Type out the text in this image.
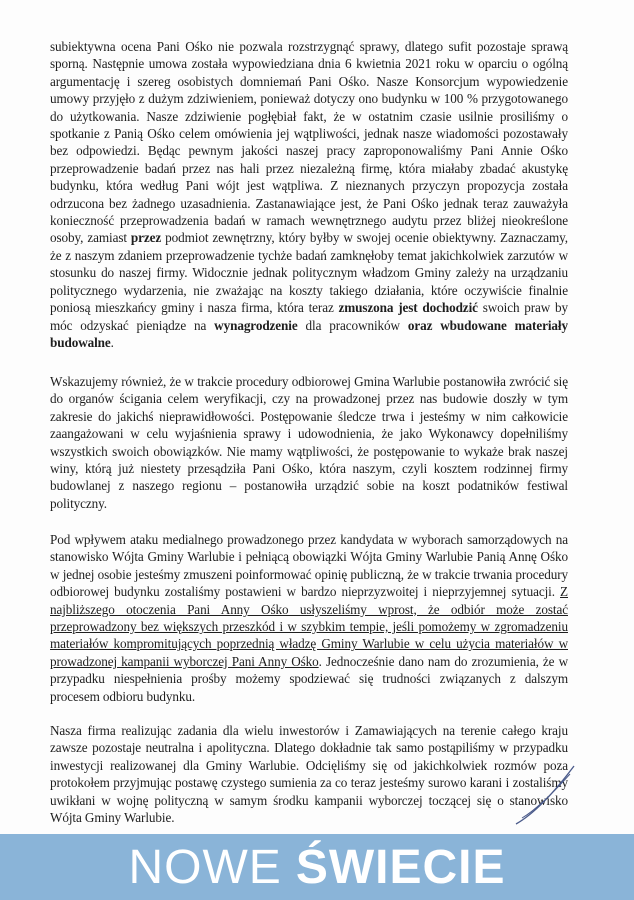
subiektywna ocena Pani Ośko nie pozwala rozstrzygnąć sprawy, dlatego sufit pozostaje sprawą sporną. Następnie umowa została wypowiedziana dnia 6 kwietnia 2021 roku w oparciu o ogólną argumentację i szereg osobistych domniemań Pani Ośko. Nasze Konsorcjum wypowiedzenie umowy przyjęło z dużym zdziwieniem, ponieważ dotyczy ono budynku w 100 % przygotowanego do użytkowania. Nasze zdziwienie pogłębiał fakt, że w ostatnim czasie usilnie prosiliśmy o spotkanie z Panią Ośko celem omówienia jej wątpliwości, jednak nasze wiadomości pozostawały bez odpowiedzi. Będąc pewnym jakości naszej pracy zaproponowaliśmy Pani Annie Ośko przeprowadzenie badań przez nas hali przez niezależną firmę, która miałaby zbadać akustykę budynku, która według Pani wójt jest wątpliwa. Z nieznanych przyczyn propozycja została odrzucona bez żadnego uzasadnienia. Zastanawiające jest, że Pani Ośko jednak teraz zauważyła konieczność przeprowadzenia badań w ramach wewnętrznego audytu przez bliżej nieokreślone osoby, zamiast przez podmiot zewnętrzny, który byłby w swojej ocenie obiektywny. Zaznaczamy, że z naszym zdaniem przeprowadzenie tychże badań zamknęłoby temat jakichkolwiek zarzutów w stosunku do naszej firmy. Widocznie jednak politycznym władzom Gminy zależy na urządzaniu politycznego wydarzenia, nie zważając na koszty takiego działania, które oczywiście finalnie poniosą mieszkańcy gminy i nasza firma, która teraz zmuszona jest dochodzić swoich praw by móc odzyskać pieniądze na wynagrodzenie dla pracowników oraz wbudowane materiały budowalne.
Wskazujemy również, że w trakcie procedury odbiorowej Gmina Warlubie postanowiła zwrócić się do organów ścigania celem weryfikacji, czy na prowadzonej przez nas budowie doszły w tym zakresie do jakichś nieprawidłowości. Postępowanie śledcze trwa i jesteśmy w nim całkowicie zaangażowani w celu wyjaśnienia sprawy i udowodnienia, że jako Wykonawcy dopełniliśmy wszystkich swoich obowiązków. Nie mamy wątpliwości, że postępowanie to wykaże brak naszej winy, którą już niestety przesądziła Pani Ośko, która naszym, czyli kosztem rodzinnej firmy budowlanej z naszego regionu – postanowiła urządzić sobie na koszt podatników festiwal polityczny.
Pod wpływem ataku medialnego prowadzonego przez kandydata w wyborach samorządowych na stanowisko Wójta Gminy Warlubie i pełniącą obowiązki Wójta Gminy Warlubie Panią Annę Ośko w jednej osobie jesteśmy zmuszeni poinformować opinię publiczną, że w trakcie trwania procedury odbiorowej budynku zostaliśmy postawieni w bardzo nieprzyzwoitej i nieprzyjemnej sytuacji. Z najbliższego otoczenia Pani Anny Ośko usłyszeliśmy wprost, że odbiór może zostać przeprowadzony bez większych przeszkód i w szybkim tempie, jeśli pomożemy w zgromadzeniu materiałów kompromitujących poprzednią władzę Gminy Warlubie w celu użycia materiałów w prowadzonej kampanii wyborczej Pani Anny Ośko. Jednocześnie dano nam do zrozumienia, że w przypadku niespełnienia prośby możemy spodziewać się trudności związanych z dalszym procesem odbioru budynku.
Nasza firma realizując zadania dla wielu inwestorów i Zamawiających na terenie całego kraju zawsze pozostaje neutralna i apolityczna. Dlatego dokładnie tak samo postąpiliśmy w przypadku inwestycji realizowanej dla Gminy Warlubie. Odcięliśmy się od jakichkolwiek rozmów poza protokołem przyjmując postawę czystego sumienia za co teraz jesteśmy surowo karani i zostaliśmy uwikłani w wojnę polityczną w samym środku kampanii wyborczej toczącej się o stanowisko Wójta Gminy Warlubie.
NOWE ŚWIECIE
